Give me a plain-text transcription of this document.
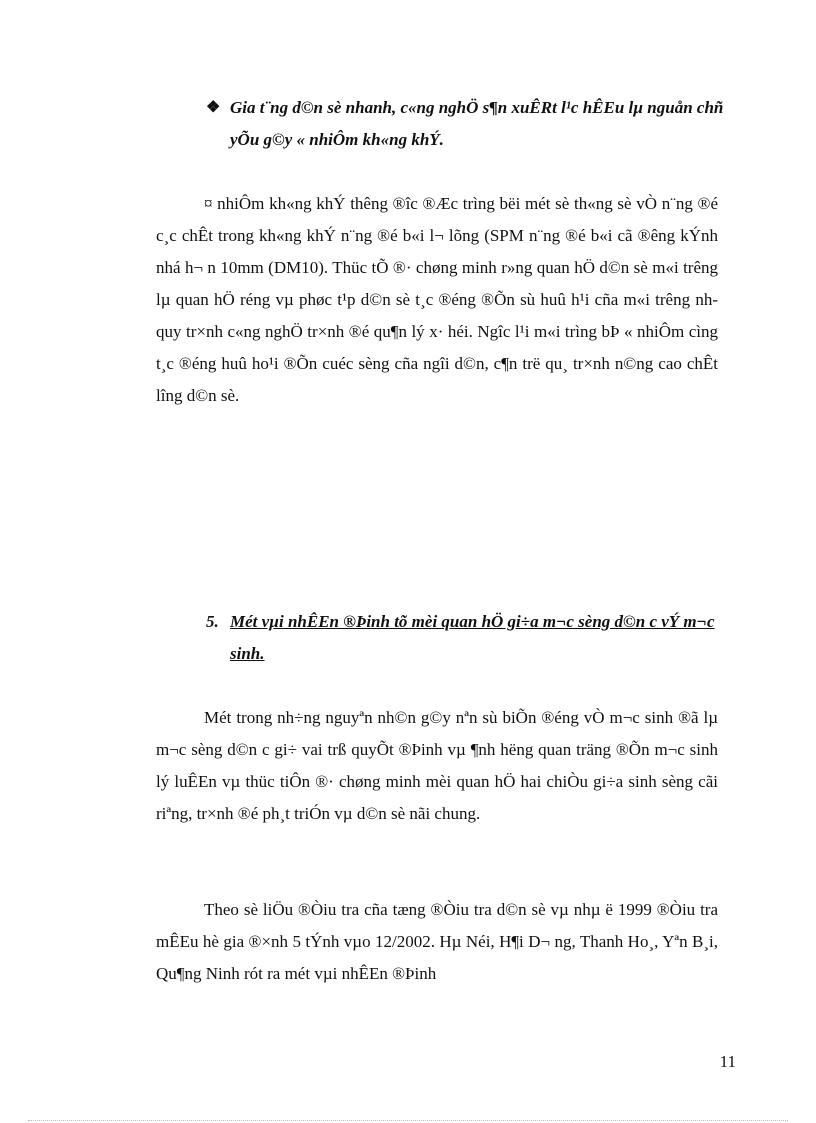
❖ Gia t¨ng d©n sè nhanh, c«ng nghÖ s¶n xuÊRt l¹c hÊEu lµ nguån chñ yÕu g©y « nhiÔm kh«ng khÝ.
¤ nhiÔm kh«ng khÝ thêng ®îc ®Æc trìng bëi mét sè th«ng sè vÒ n¨ng ®é c¸c chÊt trong kh«ng khÝ n¨ng ®é b«i l¬ lõng (SPM n¨ng ®é b«i cã ®êng kÝnh nhá h¬ n 10mm (DM10). Thüc tÕ ®· chøng minh r»ng quan hÖ d©n sè m«i trêng lµ quan hÖ réng vµ phøc t¹p d©n sè t¸c ®éng ®Õn sù huû h¹i cña m«i trêng nh quy tr×nh c«ng nghÖ tr×nh ®é qu¶n lý x· héi. Ngîc l¹i m«i trìng bÞ « nhiÔm cìng t¸c ®éng huû ho¹i ®Õn cuéc sèng cña ngîi d©n, c¶n trë qu¸ tr×nh n©ng cao chÊt lîng d©n sè.
5. Mét vµi nhÊEn ®Þinh tõ mèi quan hÖ gi÷a m¬c sèng d©n c vÝ m¬c sinh.
Mét trong nh÷ng nguyªn nh©n g©y nªn sù biÕn ®éng vÒ m¬c sinh ®ã lµ m¬c sèng d©n c gi÷ vai trß quyÕt ®Þinh vµ ¶nh hëng quan träng ®Õn m¬c sinh lý luÊEn vµ thüc tiÔn ®· chøng minh mèi quan hÖ hai chiÒu gi÷a sinh sèng cãi riªng, tr×nh ®é ph¸t triÓn vµ d©n sè nãi chung.
Theo sè liÖu ®Òiu tra cña tæng ®Òiu tra d©n sè vµ nhµ ë 1999 ®Òiu tra mÊEu hè gia ®×nh 5 tÝnh vµo 12/2002. Hµ Néi, H¶i D¬ ng, Thanh Ho¸, Yªn B¸i, Qu¶ng Ninh rót ra mét vµi nhÊEn ®Þinh
11
